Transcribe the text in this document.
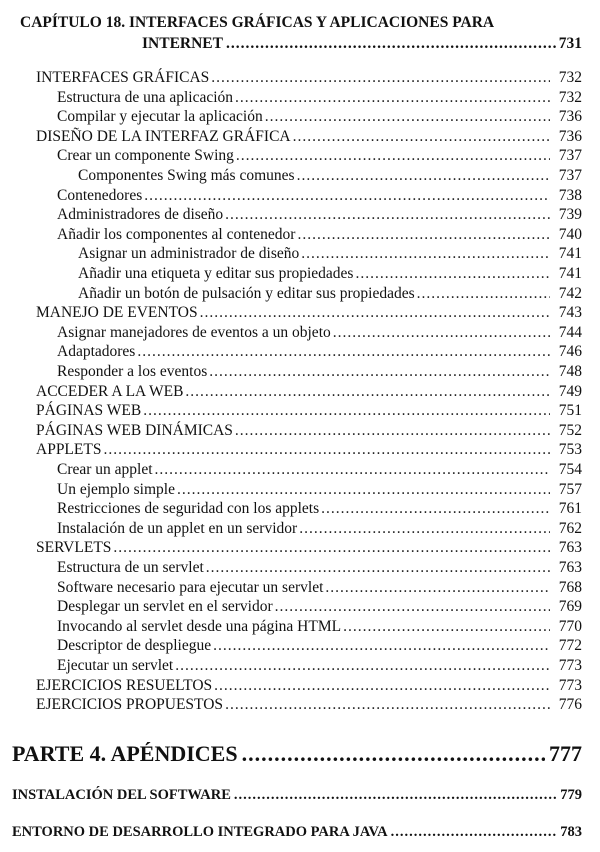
CAPÍTULO 18. INTERFACES GRÁFICAS Y APLICACIONES PARA
INTERNET .....	731
INTERFACES GRÁFICAS .....	732
Estructura de una aplicación .....	732
Compilar y ejecutar la aplicación .....	736
DISEÑO DE LA INTERFAZ GRÁFICA .....	736
Crear un componente Swing .....	737
Componentes Swing más comunes .....	737
Contenedores .....	738
Administradores de diseño .....	739
Añadir los componentes al contenedor .....	740
Asignar un administrador de diseño .....	741
Añadir una etiqueta y editar sus propiedades .....	741
Añadir un botón de pulsación y editar sus propiedades .....	742
MANEJO DE EVENTOS .....	743
Asignar manejadores de eventos a un objeto .....	744
Adaptadores .....	746
Responder a los eventos .....	748
ACCEDER A LA WEB .....	749
PÁGINAS WEB .....	751
PÁGINAS WEB DINÁMICAS .....	752
APPLETS .....	753
Crear un applet .....	754
Un ejemplo simple .....	757
Restricciones de seguridad con los applets .....	761
Instalación de un applet en un servidor .....	762
SERVLETS .....	763
Estructura de un servlet .....	763
Software necesario para ejecutar un servlet .....	768
Desplegar un servlet en el servidor .....	769
Invocando al servlet desde una página HTML .....	770
Descriptor de despliegue .....	772
Ejecutar un servlet .....	773
EJERCICIOS RESUELTOS .....	773
EJERCICIOS PROPUESTOS .....	776
PARTE 4. APÉNDICES .....	777
INSTALACIÓN DEL SOFTWARE .....	779
ENTORNO DE DESARROLLO INTEGRADO PARA JAVA .....	783
